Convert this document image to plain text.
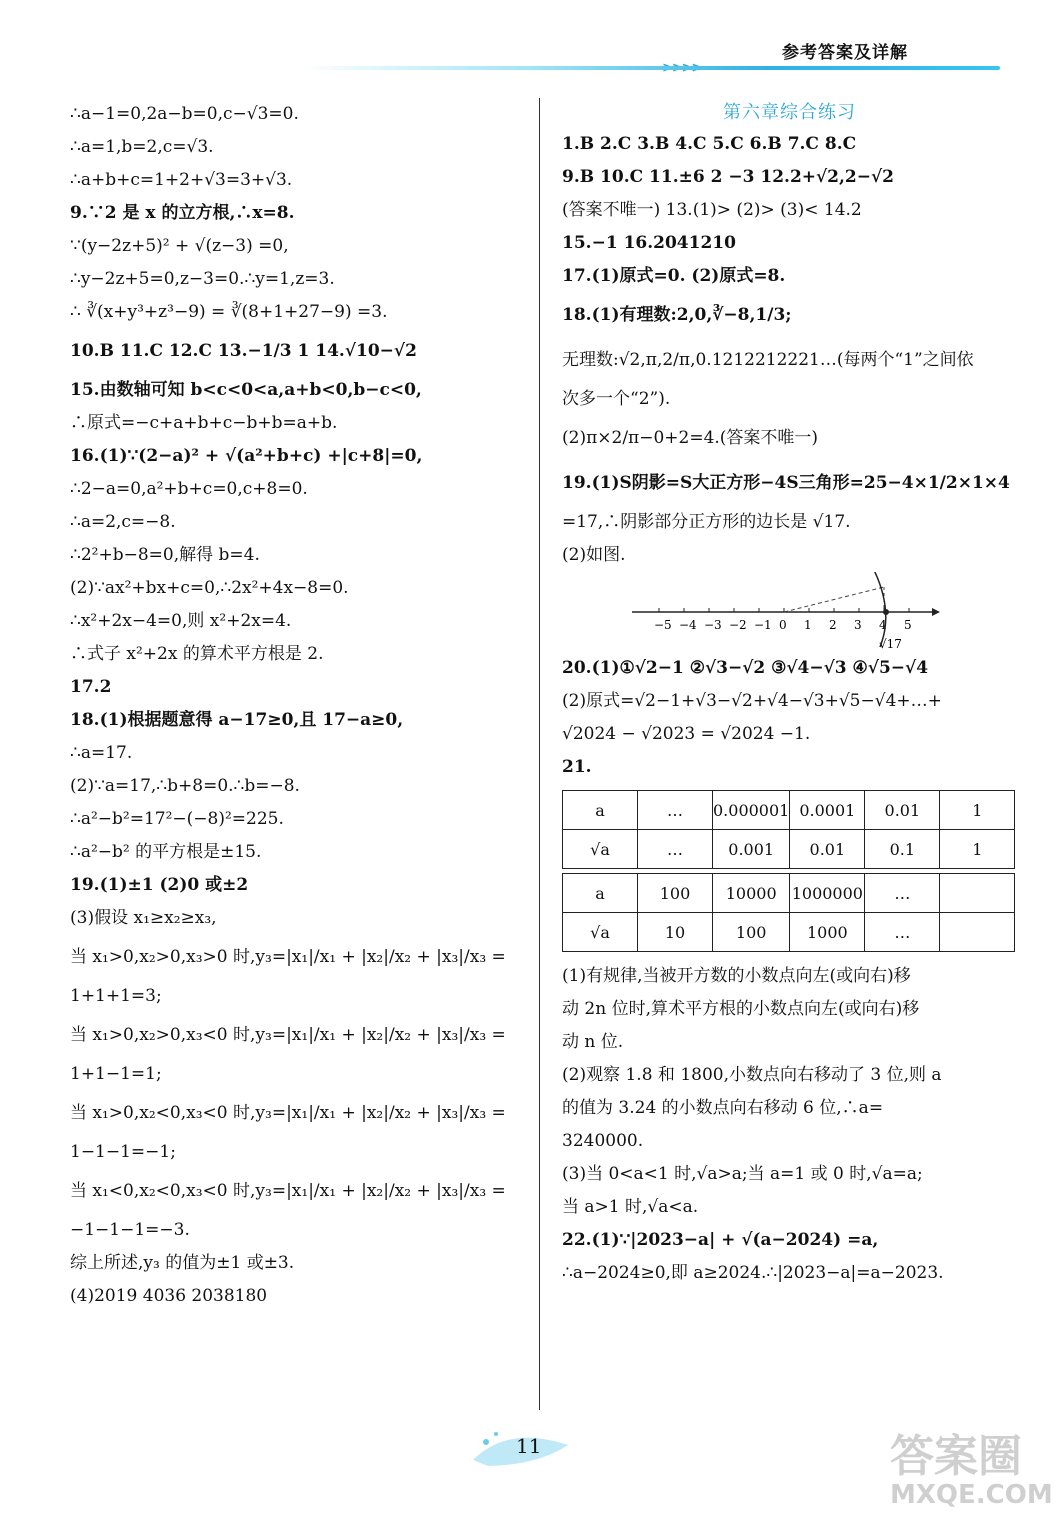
参考答案及详解
∴a−1=0,2a−b=0,c−√3=0.
∴a=1,b=2,c=√3.
∴a+b+c=1+2+√3=3+√3.
9.∵2 是 x 的立方根,∴x=8.
∵(y−2z+5)² + √(z−3) =0,
∴y−2z+5=0,z−3=0.∴y=1,z=3.
∴ ∛(x+y³+z³−9) = ∛(8+1+27−9) =3.
10.B 11.C 12.C 13.−1/3 1 14.√10−√2
15.由数轴可知 b<c<0<a,a+b<0,b−c<0,
∴原式=−c+a+b+c−b+b=a+b.
16.(1)∵(2−a)² + √(a²+b+c) +|c+8|=0,
∴2−a=0,a²+b+c=0,c+8=0.
∴a=2,c=−8.
∴2²+b−8=0,解得 b=4.
(2)∵ax²+bx+c=0,∴2x²+4x−8=0.
∴x²+2x−4=0,则 x²+2x=4.
∴式子 x²+2x 的算术平方根是 2.
17.2
18.(1)根据题意得 a−17≥0,且 17−a≥0,
∴a=17.
(2)∵a=17,∴b+8=0.∴b=−8.
∴a²−b²=17²−(−8)²=225.
∴a²−b² 的平方根是±15.
19.(1)±1 (2)0 或±2
(3)假设 x₁≥x₂≥x₃,
当 x₁>0,x₂>0,x₃>0 时,y₃=|x₁|/x₁ + |x₂|/x₂ + |x₃|/x₃ =
1+1+1=3;
当 x₁>0,x₂>0,x₃<0 时,y₃=|x₁|/x₁ + |x₂|/x₂ + |x₃|/x₃ =
1+1−1=1;
当 x₁>0,x₂<0,x₃<0 时,y₃=|x₁|/x₁ + |x₂|/x₂ + |x₃|/x₃ =
1−1−1=−1;
当 x₁<0,x₂<0,x₃<0 时,y₃=|x₁|/x₁ + |x₂|/x₂ + |x₃|/x₃ =
−1−1−1=−3.
综上所述,y₃ 的值为±1 或±3.
(4)2019 4036 2038180
第六章综合练习
1.B 2.C 3.B 4.C 5.C 6.B 7.C 8.C
9.B 10.C 11.±6 2 −3 12.2+√2,2−√2
(答案不唯一) 13.(1)> (2)> (3)< 14.2
15.−1 16.2041210
17.(1)原式=0. (2)原式=8.
18.(1)有理数:2,0,∛−8,1/3;
无理数:√2,π,2/π,0.1212212221…(每两个“1”之间依
次多一个“2”).
(2)π×2/π−0+2=4.(答案不唯一)
19.(1)S阴影=S大正方形−4S三角形=25−4×1/2×1×4
=17,∴阴影部分正方形的边长是 √17.
(2)如图.
−5 −4 −3 −2 −1 0 1 2 3 4 5
√17
20.(1)①√2−1 ②√3−√2 ③√4−√3 ④√5−√4
(2)原式=√2−1+√3−√2+√4−√3+√5−√4+…+
√2024 − √2023 = √2024 −1.
21.
a	…	0.000001	0.0001	0.01	1
√a	…	0.001	0.01	0.1	1

a	100	10000	1000000	…	
√a	10	100	1000	…	
(1)有规律,当被开方数的小数点向左(或向右)移
动 2n 位时,算术平方根的小数点向左(或向右)移
动 n 位.
(2)观察 1.8 和 1800,小数点向右移动了 3 位,则 a
的值为 3.24 的小数点向右移动 6 位,∴a=
3240000.
(3)当 0<a<1 时,√a>a;当 a=1 或 0 时,√a=a;
当 a>1 时,√a<a.
22.(1)∵|2023−a| + √(a−2024) =a,
∴a−2024≥0,即 a≥2024.∴|2023−a|=a−2023.
11	答案圈
MXQE.COM
